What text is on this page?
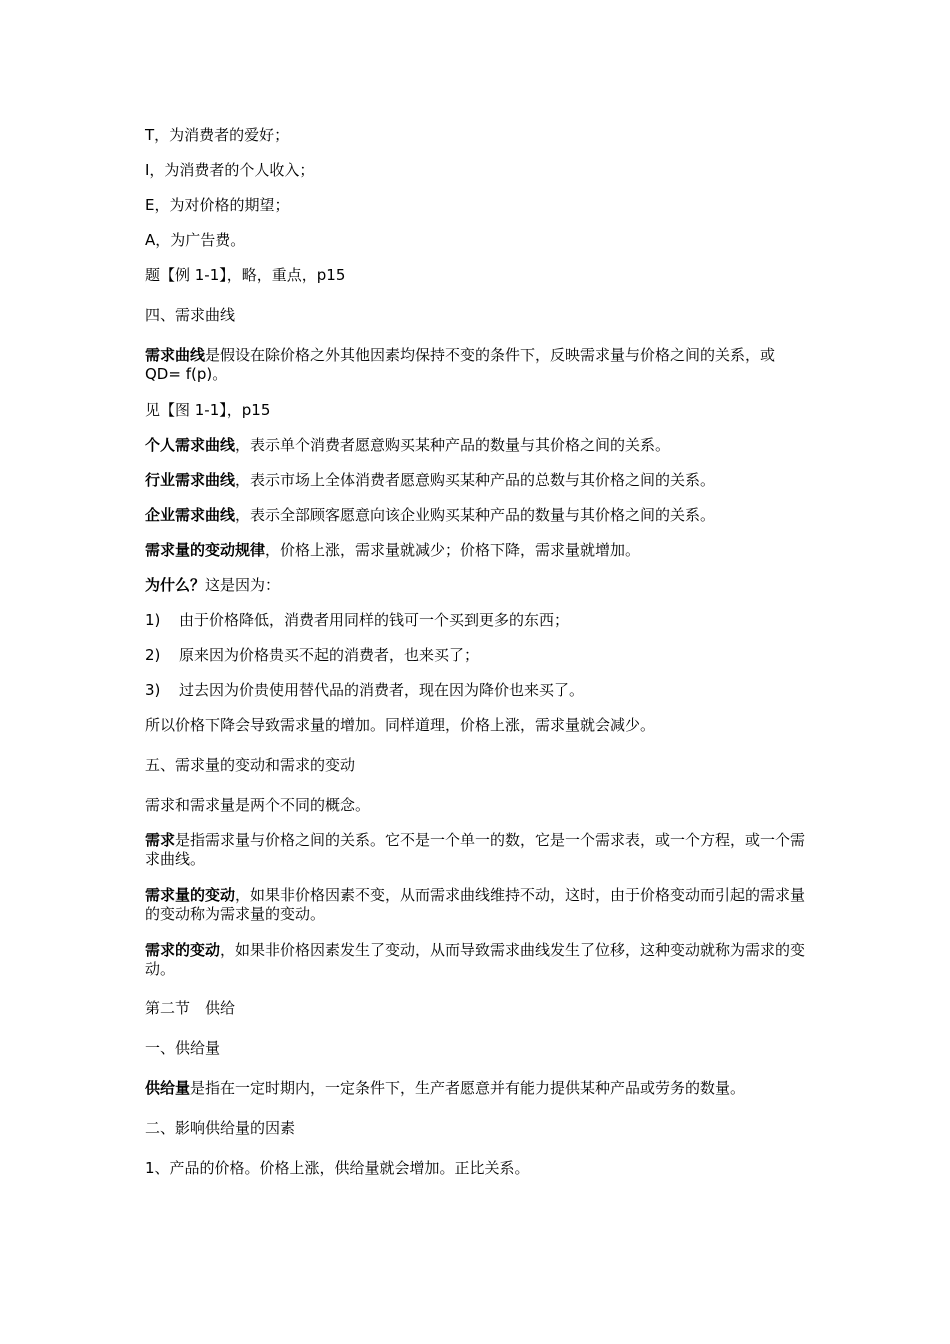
T，为消费者的爱好；
I，为消费者的个人收入；
E，为对价格的期望；
A，为广告费。
题【例 1-1】，略，重点，p15
四、需求曲线
需求曲线是假设在除价格之外其他因素均保持不变的条件下，反映需求量与价格之间的关系，或 QD= f(p)。
见【图 1-1】，p15
个人需求曲线，表示单个消费者愿意购买某种产品的数量与其价格之间的关系。
行业需求曲线，表示市场上全体消费者愿意购买某种产品的总数与其价格之间的关系。
企业需求曲线，表示全部顾客愿意向该企业购买某种产品的数量与其价格之间的关系。
需求量的变动规律，价格上涨，需求量就减少；价格下降，需求量就增加。
为什么？这是因为：
1) 由于价格降低，消费者用同样的钱可一个买到更多的东西；
2) 原来因为价格贵买不起的消费者，也来买了；
3) 过去因为价贵使用替代品的消费者，现在因为降价也来买了。
所以价格下降会导致需求量的增加。同样道理，价格上涨，需求量就会减少。
五、需求量的变动和需求的变动
需求和需求量是两个不同的概念。
需求是指需求量与价格之间的关系。它不是一个单一的数，它是一个需求表，或一个方程，或一个需求曲线。
需求量的变动，如果非价格因素不变，从而需求曲线维持不动，这时，由于价格变动而引起的需求量的变动称为需求量的变动。
需求的变动，如果非价格因素发生了变动，从而导致需求曲线发生了位移，这种变动就称为需求的变动。
第二节　供给
一、供给量
供给量是指在一定时期内，一定条件下，生产者愿意并有能力提供某种产品或劳务的数量。
二、影响供给量的因素
1、产品的价格。价格上涨，供给量就会增加。正比关系。
